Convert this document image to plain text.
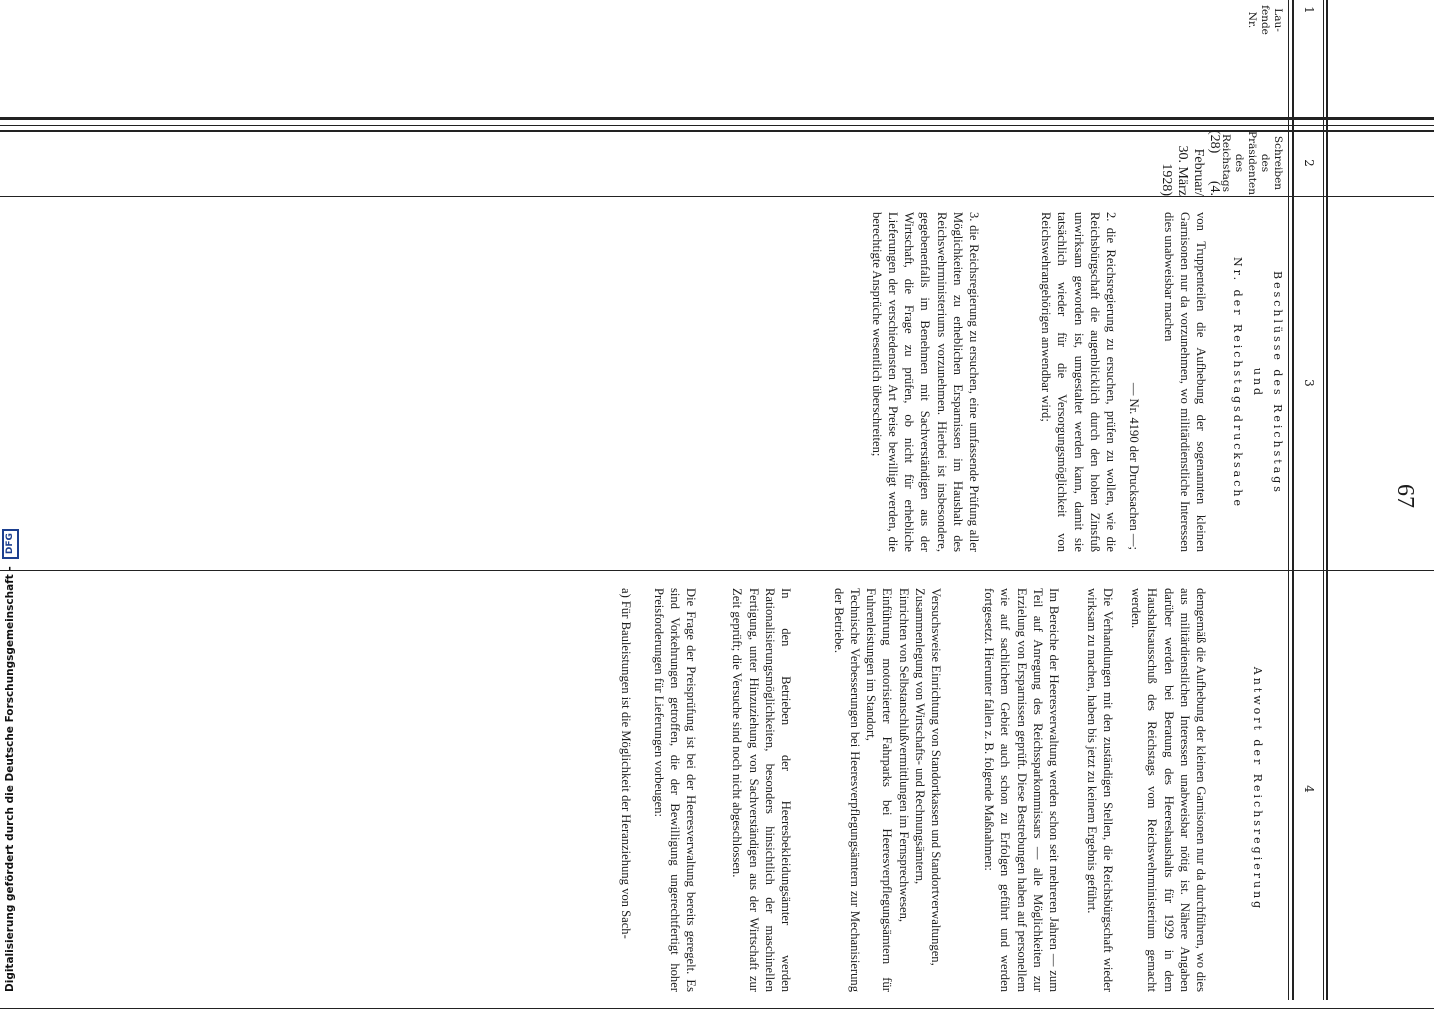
67
1
2
3
4
Lau-
fende
Nr.
Schreiben
des
Präsidenten
des
Reichstags
Beschlüsse des Reichstags
und
Nr. der Reichstagsdrucksache
Antwort der Reichsregierung
(28)
(4. Februar/
30. März
1928)
von Truppenteilen die Aufhebung der sogenannten kleinen Garnisonen nur da vorzunehmen, wo militärdienstliche Interessen dies unabweisbar machen
— Nr. 4190 der Drucksachen —;
2. die Reichsregierung zu ersuchen, prüfen zu wollen, wie die Reichsbürgschaft die augenblicklich durch den hohen Zinsfuß unwirksam geworden ist, umgestaltet werden kann, damit sie tatsächlich wieder für die Versorgungsmöglichkeit von Reichswehrangehörigen anwendbar wird;
3. die Reichsregierung zu ersuchen, eine umfassende Prüfung aller Möglichkeiten zu erheblichen Ersparnissen im Haushalt des Reichswehrministeriums vorzunehmen. Hierbei ist insbesondere, gegebenenfalls im Benehmen mit Sachverständigen aus der Wirtschaft, die Frage zu prüfen, ob nicht für erhebliche Lieferungen der verschiedensten Art Preise bewilligt werden, die berechtigte Ansprüche wesentlich überschreiten;
demgemäß die Aufhebung der kleinen Garnisonen nur da durchführen, wo dies aus militärdienstlichen Interessen unabweisbar nötig ist. Nähere Angaben darüber werden bei Beratung des Heereshaushalts für 1929 in dem Haushaltsausschuß des Reichstags vom Reichswehrministerium gemacht werden.
Die Verhandlungen mit den zuständigen Stellen, die Reichsbürgschaft wieder wirksam zu machen, haben bis jetzt zu keinem Ergebnis geführt.
Im Bereiche der Heeresverwaltung werden schon seit mehreren Jahren — zum Teil auf Anregung des Reichssparkommissars — alle Möglichkeiten zur Erzielung von Ersparnissen geprüft. Diese Bestrebungen haben auf personellem wie auf sachlichem Gebiet auch schon zu Erfolgen geführt und werden fortgesetzt. Hierunter fallen z. B. folgende Maßnahmen:
Versuchsweise Einrichtung von Standortkassen und Standortverwaltungen,
Zusammenlegung von Wirtschafts- und Rechnungsämtern,
Einrichten von Selbstanschlußvermittlungen im Fernsprechwesen,
Einführung motorisierter Fahrparks bei Heeresverpflegungsämtern für Fuhrenleistungen im Standort,
Technische Verbesserungen bei Heeresverpflegungsämtern zur Mechanisierung der Betriebe.
In den Betrieben der Heeresbekleidungsämter werden Rationalisierungsmöglichkeiten, besonders hinsichtlich der maschinellen Fertigung, unter Hinzuziehung von Sachverständigen aus der Wirtschaft zur Zeit geprüft; die Versuche sind noch nicht abgeschlossen.
Die Frage der Preisprüfung ist bei der Heeresverwaltung bereits geregelt. Es sind Vorkehrungen getroffen, die der Bewilligung ungerechtfertigt hoher Preisforderungen für Lieferungen vorbeugen:
a) Für Bauleistungen ist die Möglichkeit der Heranziehung von Sach-
Digitalisierung gefördert durch die Deutsche Forschungsgemeinschaft - DFG
